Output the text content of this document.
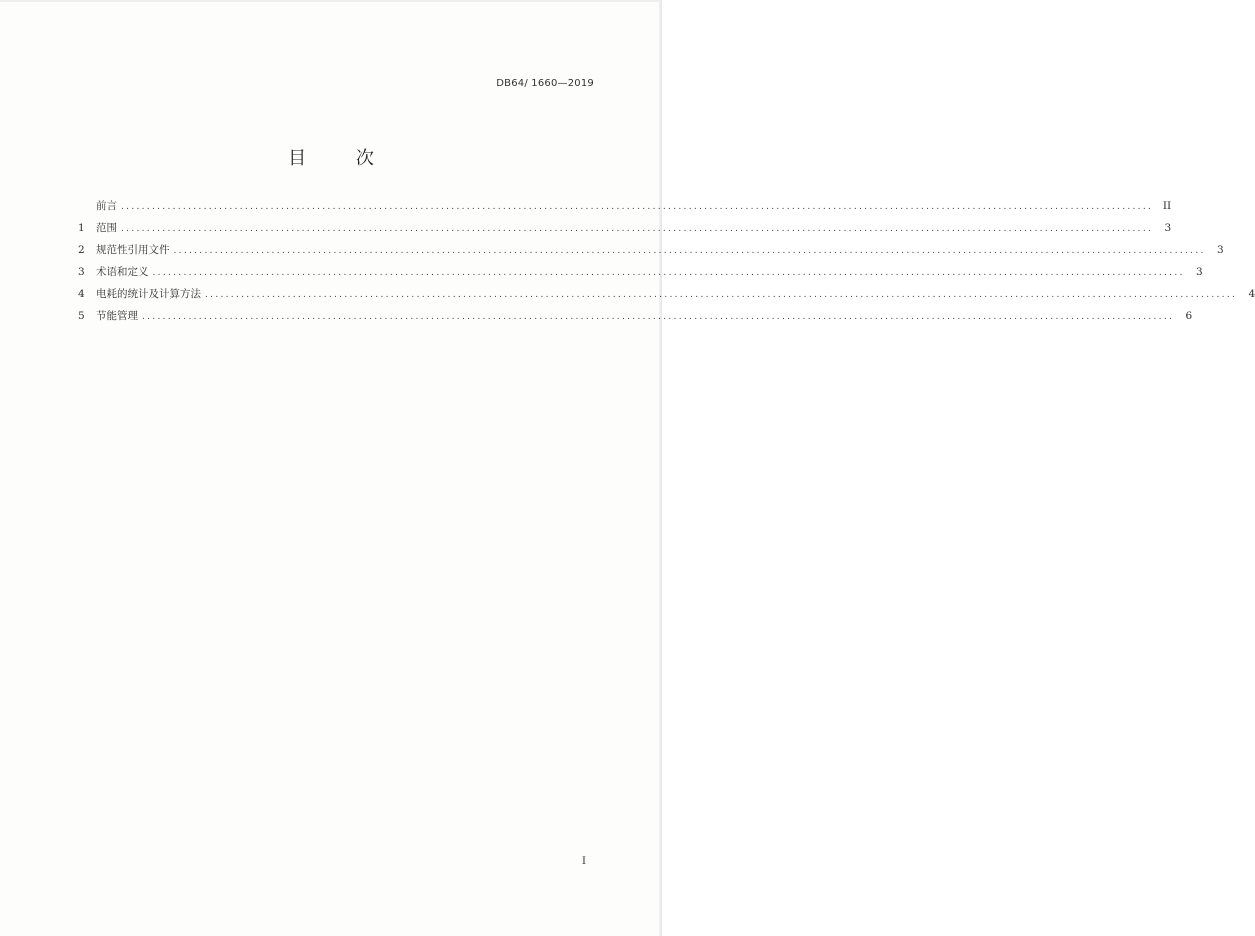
DB64/ 1660—2019
目 次
前言 ........................................................................................................................................................................................................ II
1	范围 ........................................................................................................................................................................................................	3
2	规范性引用文件 ........................................................................................................................................................................................................	3
3	术语和定义 ........................................................................................................................................................................................................	3
4	电耗的统计及计算方法 ........................................................................................................................................................................................................	4
5	节能管理 ........................................................................................................................................................................................................	6
I
